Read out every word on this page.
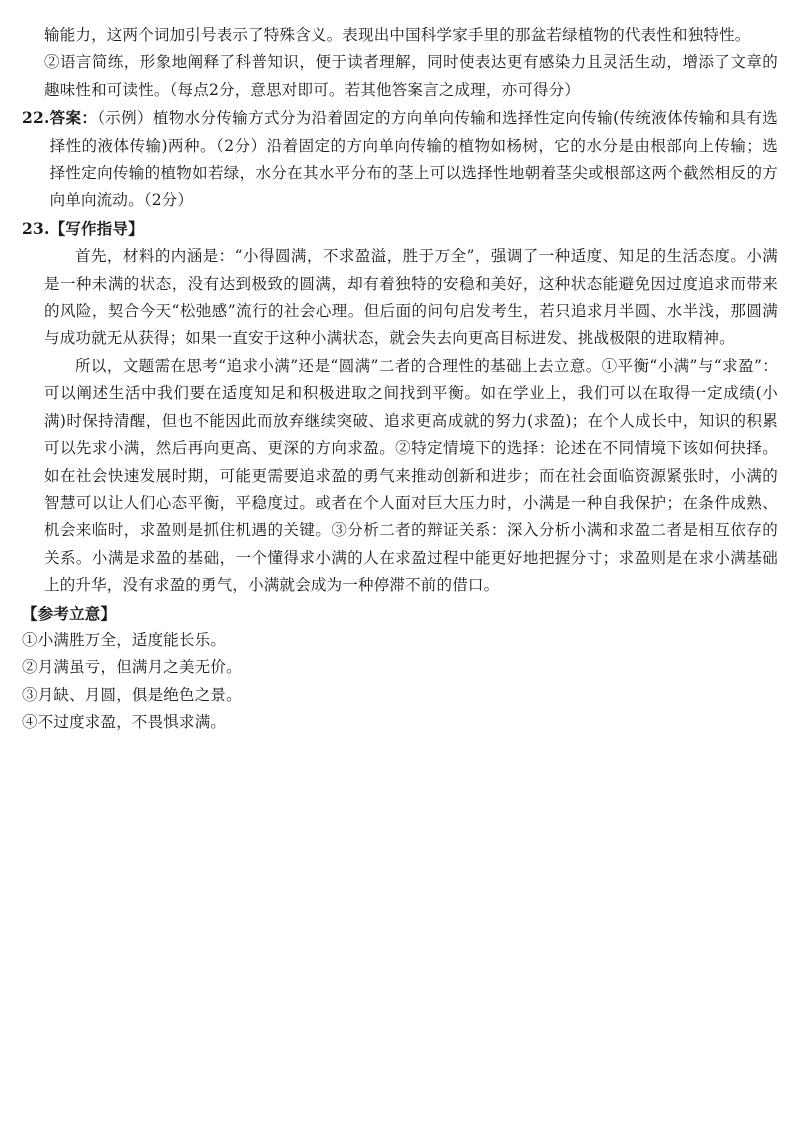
输能力，这两个词加引号表示了特殊含义。表现出中国科学家手里的那盆若绿植物的代表性和独特性。

②语言简练，形象地阐释了科普知识，便于读者理解，同时使表达更有感染力且灵活生动，增添了文章的趣味性和可读性。（每点2分，意思对即可。若其他答案言之成理，亦可得分）

22. 答案：（示例）植物水分传输方式分为沿着固定的方向单向传输和选择性定向传输(传统液体传输和具有选择性的液体传输)两种。（2分）沿着固定的方向单向传输的植物如杨树，它的水分是由根部向上传输；选择性定向传输的植物如若绿，水分在其水平分布的茎上可以选择性地朝着茎尖或根部这两个截然相反的方向单向流动。（2分）
23. 【写作指导】

首先，材料的内涵是：“小得圆满，不求盈溢，胜于万全”，强调了一种适度、知足的生活态度。小满是一种未满的状态，没有达到极致的圆满，却有着独特的安稳和美好，这种状态能避免因过度追求而带来的风险，契合今天“松弛感”流行的社会心理。但后面的问句启发考生，若只追求月半圆、水半浅，那圆满与成功就无从获得；如果一直安于这种小满状态，就会失去向更高目标进发、挑战极限的进取精神。

所以，文题需在思考“追求小满”还是“圆满”二者的合理性的基础上去立意。①平衡“小满”与“求盈”：可以阐述生活中我们要在适度知足和积极进取之间找到平衡。如在学业上，我们可以在取得一定成绩(小满)时保持清醒，但也不能因此而放弃继续突破、追求更高成就的努力(求盈)；在个人成长中，知识的积累可以先求小满，然后再向更高、更深的方向求盈。②特定情境下的选择：论述在不同情境下该如何抉择。如在社会快速发展时期，可能更需要追求盈的勇气来推动创新和进步；而在社会面临资源紧张时，小满的智慧可以让人们心态平衡，平稳度过。或者在个人面对巨大压力时，小满是一种自我保护；在条件成熟、机会来临时，求盈则是抓住机遇的关键。③分析二者的辩证关系：深入分析小满和求盈二者是相互依存的关系。小满是求盈的基础，一个懂得求小满的人在求盈过程中能更好地把握分寸；求盈则是在求小满基础上的升华，没有求盈的勇气，小满就会成为一种停滞不前的借口。

【参考立意】

①小满胜万全，适度能长乐。

②月满虽亏，但满月之美无价。

③月缺、月圆，俱是绝色之景。

④不过度求盈，不畏惧求满。
